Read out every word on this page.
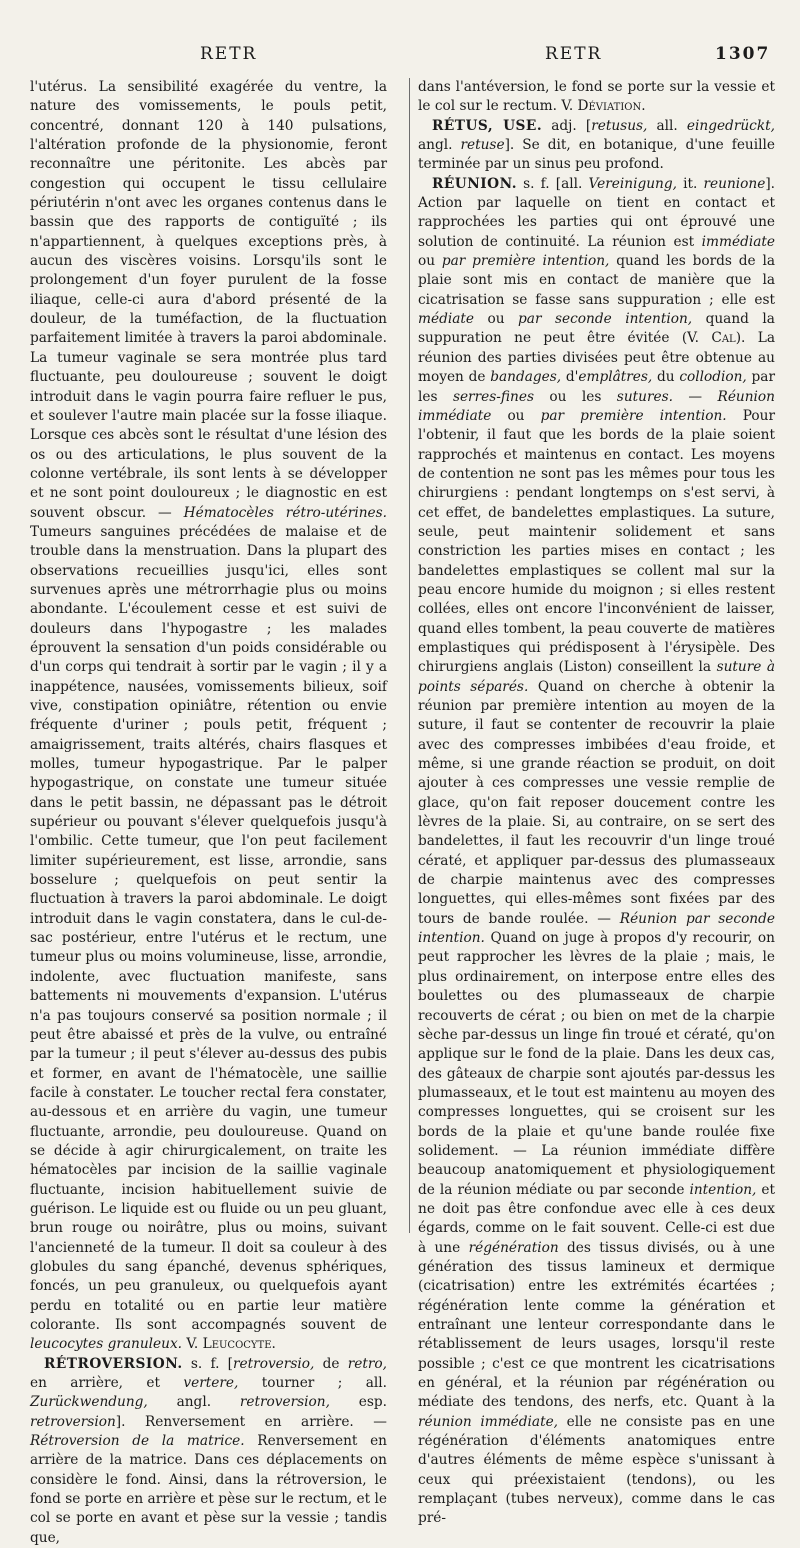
RETR	RETR	1307

l'utérus. La sensibilité exagérée du ventre, la nature des vomissements, le pouls petit, concentré, donnant 120 à 140 pulsations, l'altération profonde de la physionomie, feront reconnaître une péritonite. Les abcès par congestion qui occupent le tissu cellulaire périutérin n'ont avec les organes contenus dans le bassin que des rapports de contiguïté ; ils n'appartiennent, à quelques exceptions près, à aucun des viscères voisins. Lorsqu'ils sont le prolongement d'un foyer purulent de la fosse iliaque, celle-ci aura d'abord présenté de la douleur, de la tuméfaction, de la fluctuation parfaitement limitée à travers la paroi abdominale. La tumeur vaginale se sera montrée plus tard fluctuante, peu douloureuse ; souvent le doigt introduit dans le vagin pourra faire refluer le pus, et soulever l'autre main placée sur la fosse iliaque. Lorsque ces abcès sont le résultat d'une lésion des os ou des articulations, le plus souvent de la colonne vertébrale, ils sont lents à se développer et ne sont point douloureux ; le diagnostic en est souvent obscur. — Hématocèles rétro-utérines. Tumeurs sanguines précédées de malaise et de trouble dans la menstruation. Dans la plupart des observations recueillies jusqu'ici, elles sont survenues après une métrorrhagie plus ou moins abondante. L'écoulement cesse et est suivi de douleurs dans l'hypogastre ; les malades éprouvent la sensation d'un poids considérable ou d'un corps qui tendrait à sortir par le vagin ; il y a inappétence, nausées, vomissements bilieux, soif vive, constipation opiniâtre, rétention ou envie fréquente d'uriner ; pouls petit, fréquent ; amaigrissement, traits altérés, chairs flasques et molles, tumeur hypogastrique. Par le palper hypogastrique, on constate une tumeur située dans le petit bassin, ne dépassant pas le détroit supérieur ou pouvant s'élever quelquefois jusqu'à l'ombilic. Cette tumeur, que l'on peut facilement limiter supérieurement, est lisse, arrondie, sans bosselure ; quelquefois on peut sentir la fluctuation à travers la paroi abdominale. Le doigt introduit dans le vagin constatera, dans le cul-de-sac postérieur, entre l'utérus et le rectum, une tumeur plus ou moins volumineuse, lisse, arrondie, indolente, avec fluctuation manifeste, sans battements ni mouvements d'expansion. L'utérus n'a pas toujours conservé sa position normale ; il peut être abaissé et près de la vulve, ou entraîné par la tumeur ; il peut s'élever au-dessus des pubis et former, en avant de l'hématocèle, une saillie facile à constater. Le toucher rectal fera constater, au-dessous et en arrière du vagin, une tumeur fluctuante, arrondie, peu douloureuse. Quand on se décide à agir chirurgicalement, on traite les hématocèles par incision de la saillie vaginale fluctuante, incision habituellement suivie de guérison. Le liquide est ou fluide ou un peu gluant, brun rouge ou noirâtre, plus ou moins, suivant l'ancienneté de la tumeur. Il doit sa couleur à des globules du sang épanché, devenus sphériques, foncés, un peu granuleux, ou quelquefois ayant perdu en totalité ou en partie leur matière colorante. Ils sont accompagnés souvent de leucocytes granuleux. V. Leucocyte.

RÉTROVERSION. s. f. [retroversio, de retro, en arrière, et vertere, tourner ; all. Zurückwendung, angl. retroversion, esp. retroversion]. Renversement en arrière. — Rétroversion de la matrice. Renversement en arrière de la matrice. Dans ces déplacements on considère le fond. Ainsi, dans la rétroversion, le fond se porte en arrière et pèse sur le rectum, et le col se porte en avant et pèse sur la vessie ; tandis que,

dans l'antéversion, le fond se porte sur la vessie et le col sur le rectum. V. Déviation.

RÉTUS, USE. adj. [retusus, all. eingedrückt, angl. retuse]. Se dit, en botanique, d'une feuille terminée par un sinus peu profond.

RÉUNION. s. f. [all. Vereinigung, it. reunione]. Action par laquelle on tient en contact et rapprochées les parties qui ont éprouvé une solution de continuité. La réunion est immédiate ou par première intention, quand les bords de la plaie sont mis en contact de manière que la cicatrisation se fasse sans suppuration ; elle est médiate ou par seconde intention, quand la suppuration ne peut être évitée (V. Cal). La réunion des parties divisées peut être obtenue au moyen de bandages, d'emplâtres, du collodion, par les serres-fines ou les sutures. — Réunion immédiate ou par première intention. Pour l'obtenir, il faut que les bords de la plaie soient rapprochés et maintenus en contact. Les moyens de contention ne sont pas les mêmes pour tous les chirurgiens : pendant longtemps on s'est servi, à cet effet, de bandelettes emplastiques. La suture, seule, peut maintenir solidement et sans constriction les parties mises en contact ; les bandelettes emplastiques se collent mal sur la peau encore humide du moignon ; si elles restent collées, elles ont encore l'inconvénient de laisser, quand elles tombent, la peau couverte de matières emplastiques qui prédisposent à l'érysipèle. Des chirurgiens anglais (Liston) conseillent la suture à points séparés. Quand on cherche à obtenir la réunion par première intention au moyen de la suture, il faut se contenter de recouvrir la plaie avec des compresses imbibées d'eau froide, et même, si une grande réaction se produit, on doit ajouter à ces compresses une vessie remplie de glace, qu'on fait reposer doucement contre les lèvres de la plaie. Si, au contraire, on se sert des bandelettes, il faut les recouvrir d'un linge troué cératé, et appliquer par-dessus des plumasseaux de charpie maintenus avec des compresses longuettes, qui elles-mêmes sont fixées par des tours de bande roulée. — Réunion par seconde intention. Quand on juge à propos d'y recourir, on peut rapprocher les lèvres de la plaie ; mais, le plus ordinairement, on interpose entre elles des boulettes ou des plumasseaux de charpie recouverts de cérat ; ou bien on met de la charpie sèche par-dessus un linge fin troué et cératé, qu'on applique sur le fond de la plaie. Dans les deux cas, des gâteaux de charpie sont ajoutés par-dessus les plumasseaux, et le tout est maintenu au moyen des compresses longuettes, qui se croisent sur les bords de la plaie et qu'une bande roulée fixe solidement. — La réunion immédiate diffère beaucoup anatomiquement et physiologiquement de la réunion médiate ou par seconde intention, et ne doit pas être confondue avec elle à ces deux égards, comme on le fait souvent. Celle-ci est due à une régénération des tissus divisés, ou à une génération des tissus lamineux et dermique (cicatrisation) entre les extrémités écartées ; régénération lente comme la génération et entraînant une lenteur correspondante dans le rétablissement de leurs usages, lorsqu'il reste possible ; c'est ce que montrent les cicatrisations en général, et la réunion par régénération ou médiate des tendons, des nerfs, etc. Quant à la réunion immédiate, elle ne consiste pas en une régénération d'éléments anatomiques entre d'autres éléments de même espèce s'unissant à ceux qui préexistaient (tendons), ou les remplaçant (tubes nerveux), comme dans le cas pré-
